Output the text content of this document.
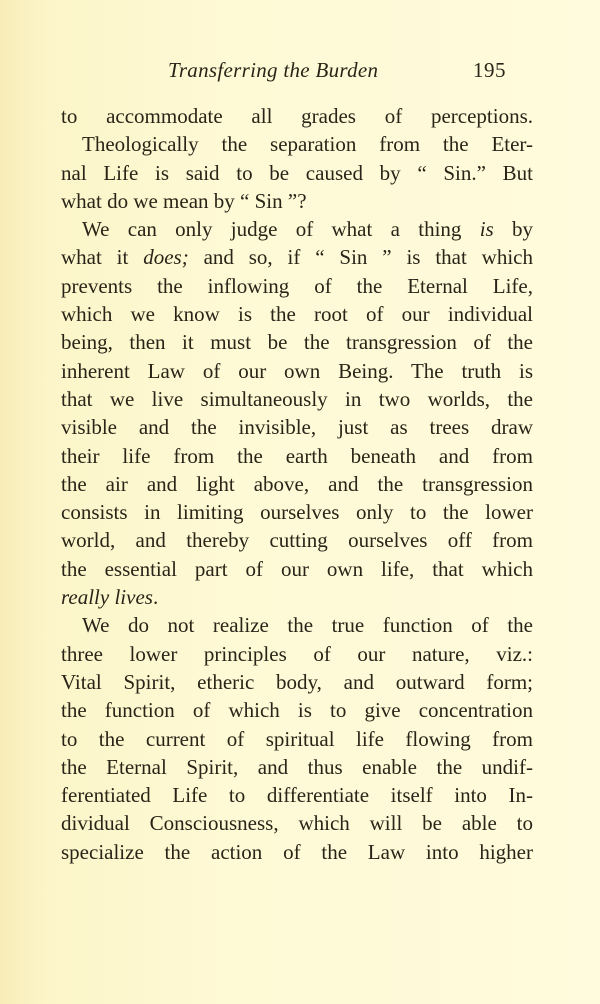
Transferring the Burden	195
to accommodate all grades of perceptions.
Theologically the separation from the Eter-
nal Life is said to be caused by “ Sin.” But
what do we mean by “ Sin ”?
We can only judge of what a thing is by
what it does; and so, if “ Sin ” is that which
prevents the inflowing of the Eternal Life,
which we know is the root of our individual
being, then it must be the transgression of the
inherent Law of our own Being. The truth is
that we live simultaneously in two worlds, the
visible and the invisible, just as trees draw
their life from the earth beneath and from
the air and light above, and the transgression
consists in limiting ourselves only to the lower
world, and thereby cutting ourselves off from
the essential part of our own life, that which
really lives.
We do not realize the true function of the
three lower principles of our nature, viz.:
Vital Spirit, etheric body, and outward form;
the function of which is to give concentration
to the current of spiritual life flowing from
the Eternal Spirit, and thus enable the undif-
ferentiated Life to differentiate itself into In-
dividual Consciousness, which will be able to
specialize the action of the Law into higher
